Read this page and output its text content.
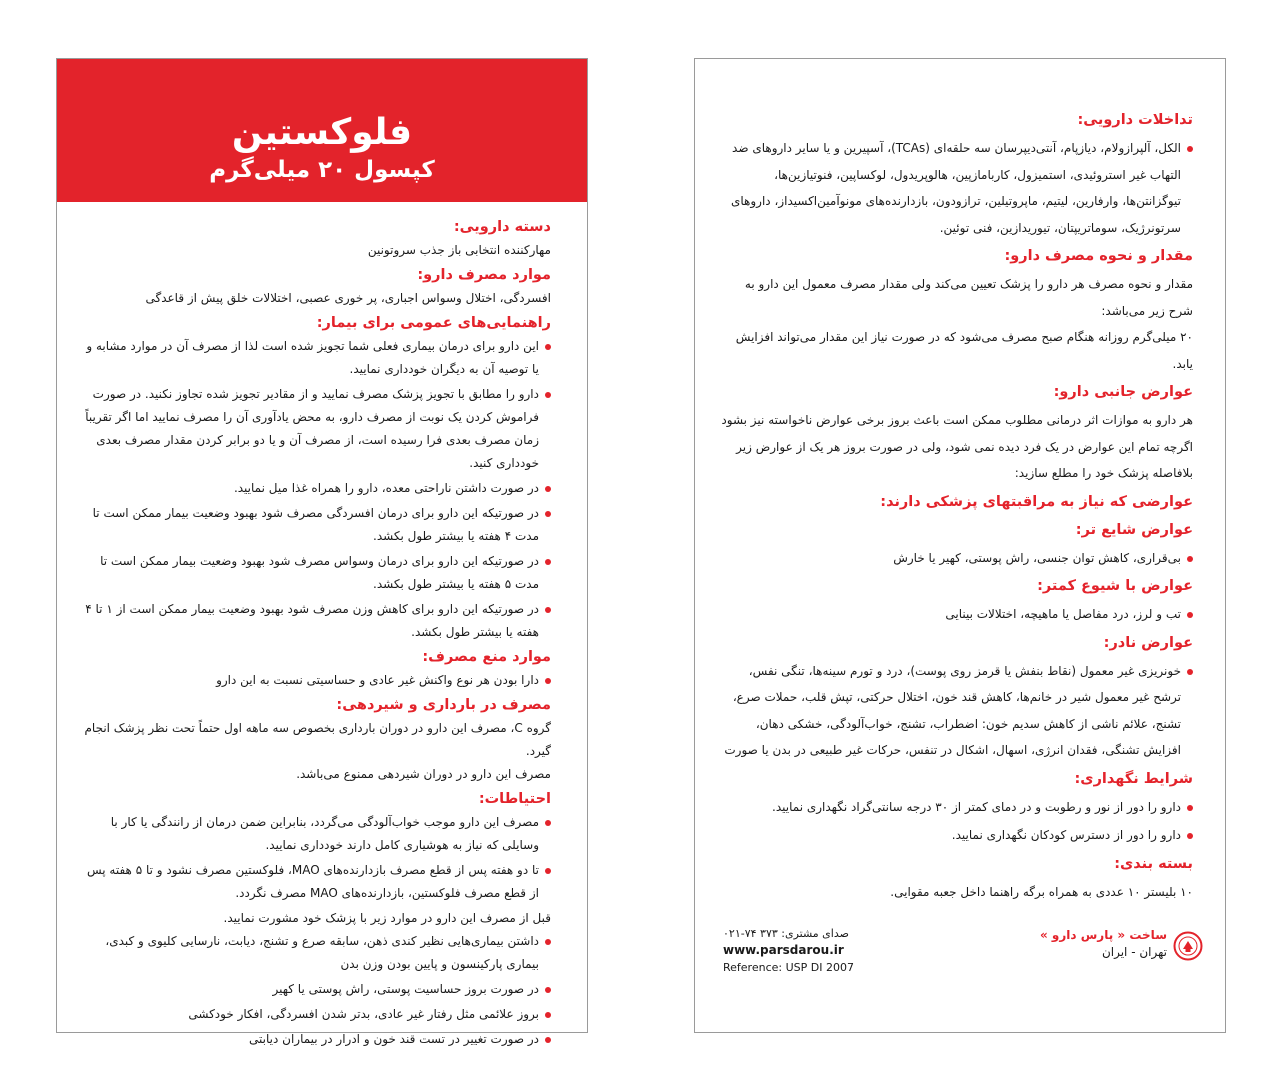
فلوکستین
کپسول ۲۰ میلی‌گرم
دسته دارویی:

مهارکننده انتخابی باز جذب سروتونین

موارد مصرف دارو:

افسردگی، اختلال وسواس اجباری، پر خوری عصبی، اختلالات خلق پیش از قاعدگی

راهنمایی‌های عمومی برای بیمار:
این دارو برای درمان بیماری فعلی شما تجویز شده است لذا از مصرف آن در موارد مشابه و یا توصیه آن به دیگران خودداری نمایید.
دارو را مطابق با تجویز پزشک مصرف نمایید و از مقادیر تجویز شده تجاوز نکنید. در صورت فراموش کردن یک نوبت از مصرف دارو، به محض یادآوری آن را مصرف نمایید اما اگر تقریباً زمان مصرف بعدی فرا رسیده است، از مصرف آن و یا دو برابر کردن مقدار مصرف بعدی خودداری کنید.
در صورت داشتن ناراحتی معده، دارو را همراه غذا میل نمایید.
در صورتیکه این دارو برای درمان افسردگی مصرف شود بهبود وضعیت بیمار ممکن است تا مدت ۴ هفته یا بیشتر طول بکشد.
در صورتیکه این دارو برای درمان وسواس مصرف شود بهبود وضعیت بیمار ممکن است تا مدت ۵ هفته یا بیشتر طول بکشد.
در صورتیکه این دارو برای کاهش وزن مصرف شود بهبود وضعیت بیمار ممکن است از ۱ تا ۴ هفته یا بیشتر طول بکشد.
موارد منع مصرف:
دارا بودن هر نوع واکنش غیر عادی و حساسیتی نسبت به این دارو
مصرف در بارداری و شیردهی:

گروه C، مصرف این دارو در دوران بارداری بخصوص سه ماهه اول حتماً تحت نظر پزشک انجام گیرد.

مصرف این دارو در دوران شیردهی ممنوع می‌باشد.

احتیاطات:
مصرف این دارو موجب خواب‌آلودگی می‌گردد، بنابراین ضمن درمان از رانندگی یا کار با وسایلی که نیاز به هوشیاری کامل دارند خودداری نمایید.
تا دو هفته پس از قطع مصرف بازدارنده‌های MAO، فلوکستین مصرف نشود و تا ۵ هفته پس از قطع مصرف فلوکستین، بازدارنده‌های MAO مصرف نگردد.

قبل از مصرف این دارو در موارد زیر با پزشک خود مشورت نمایید.

داشتن بیماری‌هایی نظیر کندی ذهن، سابقه صرع و تشنج، دیابت، نارسایی کلیوی و کبدی، بیماری پارکینسون و پایین بودن وزن بدن
در صورت بروز حساسیت پوستی، راش پوستی یا کهیر
بروز علائمی مثل رفتار غیر عادی، بدتر شدن افسردگی، افکار خودکشی
در صورت تغییر در تست قند خون و ادرار در بیماران دیابتی
تداخلات دارویی:
الکل، آلپرازولام، دیازپام، آنتی‌دیپرسان سه حلقه‌ای (TCAs)، آسپیرین و یا سایر داروهای ضد التهاب غیر استروئیدی، استمیزول، کاربامازپین، هالوپریدول، لوکساپین، فنوتیازین‌ها، تیوگزانتن‌ها، وارفارین، لیتیم، ماپروتیلین، ترازودون، بازدارنده‌های مونوآمین‌اکسیداز، داروهای سرتونرژیک، سوماتریپتان، تیوریدازین، فنی توئین.
مقدار و نحوه مصرف دارو:

مقدار و نحوه مصرف هر دارو را پزشک تعیین می‌کند ولی مقدار مصرف معمول این دارو به شرح زیر می‌باشد:

۲۰ میلی‌گرم روزانه هنگام صبح مصرف می‌شود که در صورت نیاز این مقدار می‌تواند افزایش یابد.

عوارض جانبی دارو:

هر دارو به موازات اثر درمانی مطلوب ممکن است باعث بروز برخی عوارض ناخواسته نیز بشود اگرچه تمام این عوارض در یک فرد دیده نمی شود، ولی در صورت بروز هر یک از عوارض زیر بلافاصله پزشک خود را مطلع سازید:

عوارضی که نیاز به مراقبتهای پزشکی دارند:
عوارض شایع تر:
بی‌قراری، کاهش توان جنسی، راش پوستی، کهیر یا خارش
عوارض با شیوع کمتر:
تب و لرز، درد مفاصل یا ماهیچه، اختلالات بینایی
عوارض نادر:
خونریزی غیر معمول (نقاط بنفش یا قرمز روی پوست)، درد و تورم سینه‌ها، تنگی نفس، ترشح غیر معمول شیر در خانم‌ها، کاهش قند خون، اختلال حرکتی، تپش قلب، حملات صرع، تشنج، علائم ناشی از کاهش سدیم خون: اضطراب، تشنج، خواب‌آلودگی، خشکی دهان، افزایش تشنگی، فقدان انرژی، اسهال، اشکال در تنفس، حرکات غیر طبیعی در بدن یا صورت
شرایط نگهداری:
دارو را دور از نور و رطوبت و در دمای کمتر از ۳۰ درجه سانتی‌گراد نگهداری نمایید.
دارو را دور از دسترس کودکان نگهداری نمایید.
بسته بندی:

۱۰ بلیستر ۱۰ عددی به همراه برگه راهنما داخل جعبه مقوایی.

صدای مشتری: ۳۷۳ ۷۴-۰۲۱
www.parsdarou.ir
Reference: USP DI 2007
ساخت « پارس دارو »
تهران - ایران
